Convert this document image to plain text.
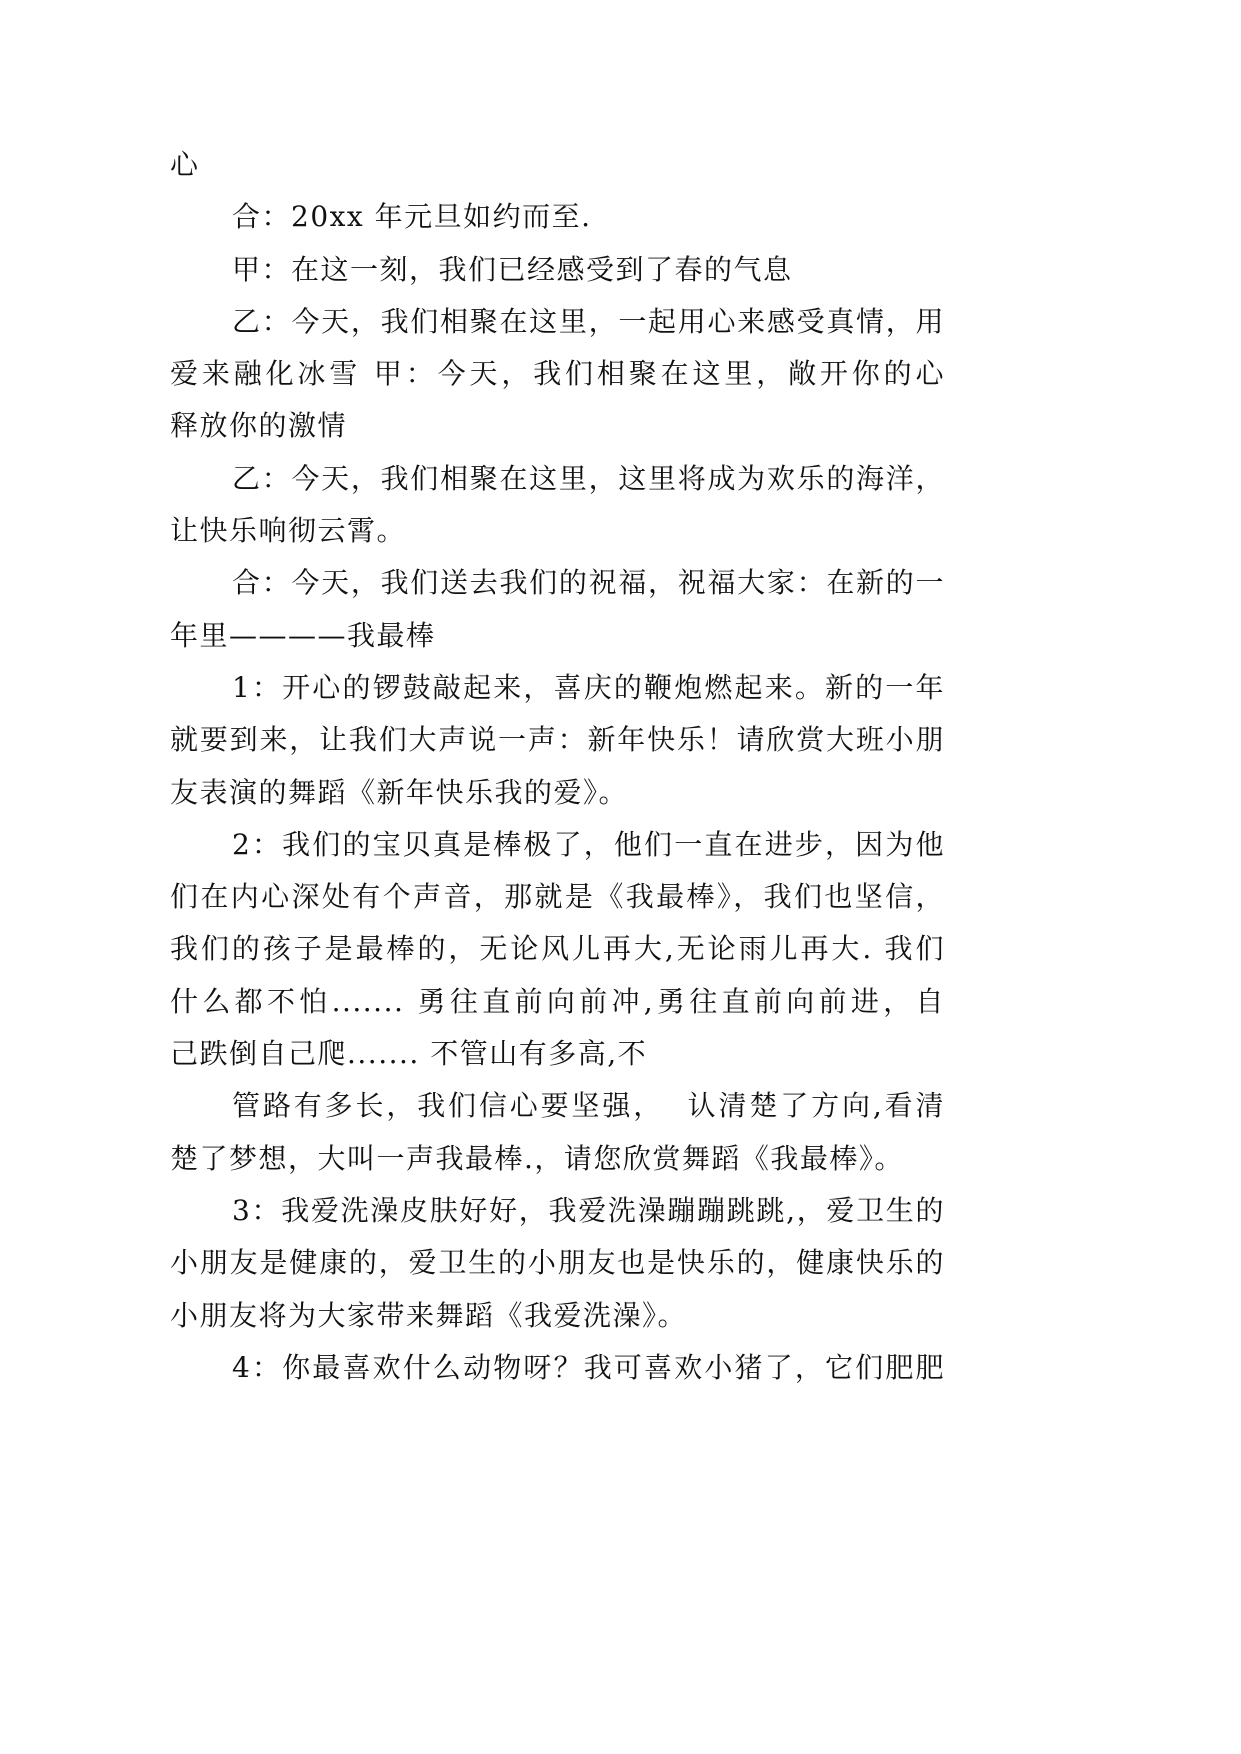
心
合：20xx 年元旦如约而至.
甲：在这一刻，我们已经感受到了春的气息
乙：今天，我们相聚在这里，一起用心来感受真情，用
爱来融化冰雪 甲：今天，我们相聚在这里，敞开你的心
释放你的激情
乙：今天，我们相聚在这里，这里将成为欢乐的海洋，
让快乐响彻云霄。
合：今天，我们送去我们的祝福，祝福大家：在新的一
年里————我最棒
1：开心的锣鼓敲起来，喜庆的鞭炮燃起来。新的一年
就要到来，让我们大声说一声：新年快乐！请欣赏大班小朋
友表演的舞蹈《新年快乐我的爱》。
2：我们的宝贝真是棒极了，他们一直在进步，因为他
们在内心深处有个声音，那就是《我最棒》，我们也坚信，
我们的孩子是最棒的，无论风儿再大,无论雨儿再大. 我们
什么都不怕....... 勇往直前向前冲,勇往直前向前进，自
己跌倒自己爬....... 不管山有多高,不
管路有多长，我们信心要坚强，  认清楚了方向,看清
楚了梦想，大叫一声我最棒.，请您欣赏舞蹈《我最棒》。
3：我爱洗澡皮肤好好，我爱洗澡蹦蹦跳跳,，爱卫生的
小朋友是健康的，爱卫生的小朋友也是快乐的，健康快乐的
小朋友将为大家带来舞蹈《我爱洗澡》。
4：你最喜欢什么动物呀？我可喜欢小猪了，它们肥肥
